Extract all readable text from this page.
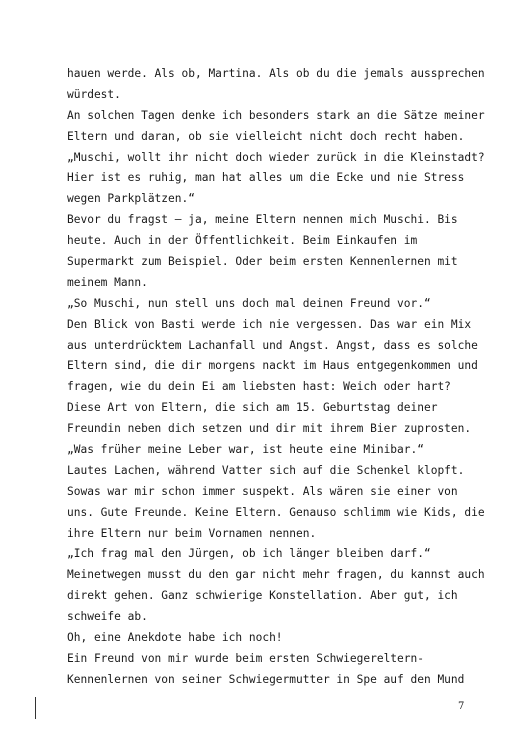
hauen werde. Als ob, Martina. Als ob du die jemals aussprechen
würdest.
An solchen Tagen denke ich besonders stark an die Sätze meiner
Eltern und daran, ob sie vielleicht nicht doch recht haben.
„Muschi, wollt ihr nicht doch wieder zurück in die Kleinstadt?
Hier ist es ruhig, man hat alles um die Ecke und nie Stress
wegen Parkplätzen.“
Bevor du fragst – ja, meine Eltern nennen mich Muschi. Bis
heute. Auch in der Öffentlichkeit. Beim Einkaufen im
Supermarkt zum Beispiel. Oder beim ersten Kennenlernen mit
meinem Mann.
„So Muschi, nun stell uns doch mal deinen Freund vor.“
Den Blick von Basti werde ich nie vergessen. Das war ein Mix
aus unterdrücktem Lachanfall und Angst. Angst, dass es solche
Eltern sind, die dir morgens nackt im Haus entgegenkommen und
fragen, wie du dein Ei am liebsten hast: Weich oder hart?
Diese Art von Eltern, die sich am 15. Geburtstag deiner
Freundin neben dich setzen und dir mit ihrem Bier zuprosten.
„Was früher meine Leber war, ist heute eine Minibar.“
Lautes Lachen, während Vatter sich auf die Schenkel klopft.
Sowas war mir schon immer suspekt. Als wären sie einer von
uns. Gute Freunde. Keine Eltern. Genauso schlimm wie Kids, die
ihre Eltern nur beim Vornamen nennen.
„Ich frag mal den Jürgen, ob ich länger bleiben darf.“
Meinetwegen musst du den gar nicht mehr fragen, du kannst auch
direkt gehen. Ganz schwierige Konstellation. Aber gut, ich
schweife ab.
Oh, eine Anekdote habe ich noch!
Ein Freund von mir wurde beim ersten Schwiegereltern-
Kennenlernen von seiner Schwiegermutter in Spe auf den Mund
7
